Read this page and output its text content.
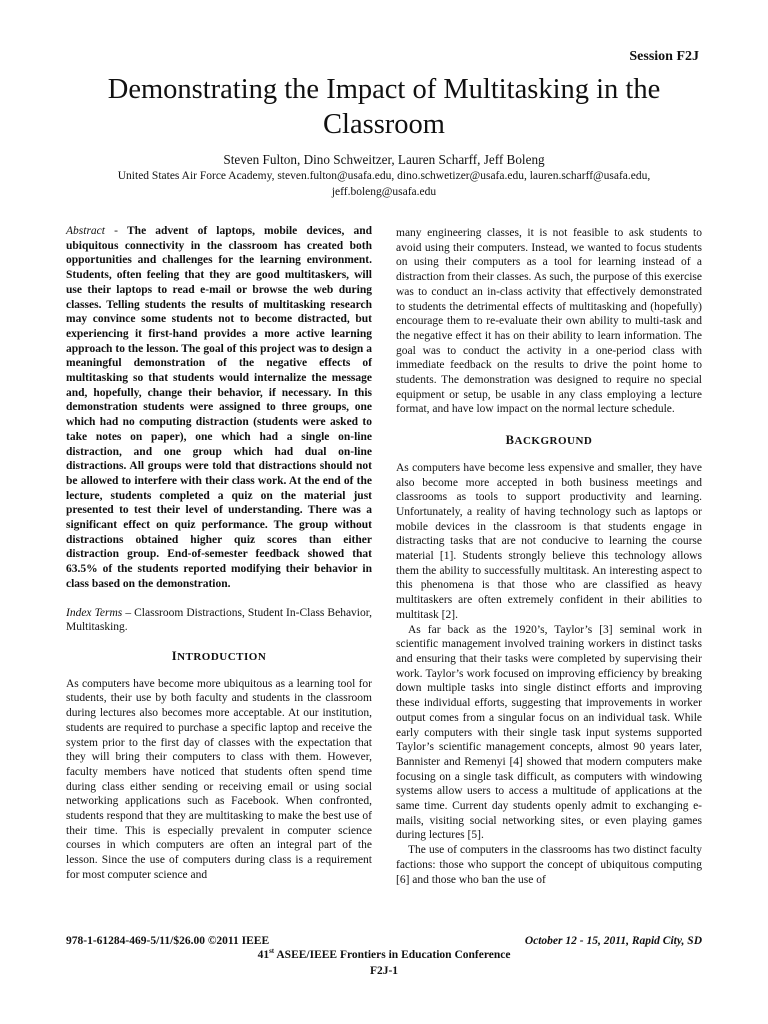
Session F2J
Demonstrating the Impact of Multitasking in the
Classroom
Steven Fulton, Dino Schweitzer, Lauren Scharff, Jeff Boleng
United States Air Force Academy, steven.fulton@usafa.edu, dino.schwetizer@usafa.edu, lauren.scharff@usafa.edu,
jeff.boleng@usafa.edu

Abstract - The advent of laptops, mobile devices, and ubiquitous connectivity in the classroom has created both opportunities and challenges for the learning environment. Students, often feeling that they are good multitaskers, will use their laptops to read e-mail or browse the web during classes. Telling students the results of multitasking research may convince some students not to become distracted, but experiencing it first-hand provides a more active learning approach to the lesson. The goal of this project was to design a meaningful demonstration of the negative effects of multitasking so that students would internalize the message and, hopefully, change their behavior, if necessary. In this demonstration students were assigned to three groups, one which had no computing distraction (students were asked to take notes on paper), one which had a single on-line distraction, and one group which had dual on-line distractions. All groups were told that distractions should not be allowed to interfere with their class work. At the end of the lecture, students completed a quiz on the material just presented to test their level of understanding. There was a significant effect on quiz performance. The group without distractions obtained higher quiz scores than either distraction group. End-of-semester feedback showed that 63.5% of the students reported modifying their behavior in class based on the demonstration.

Index Terms – Classroom Distractions, Student In-Class Behavior, Multitasking.

INTRODUCTION

As computers have become more ubiquitous as a learning tool for students, their use by both faculty and students in the classroom during lectures also becomes more acceptable. At our institution, students are required to purchase a specific laptop and receive the system prior to the first day of classes with the expectation that they will bring their computers to class with them. However, faculty members have noticed that students often spend time during class either sending or receiving email or using social networking applications such as Facebook. When confronted, students respond that they are multitasking to make the best use of their time. This is especially prevalent in computer science courses in which computers are often an integral part of the lesson. Since the use of computers during class is a requirement for most computer science and

many engineering classes, it is not feasible to ask students to avoid using their computers. Instead, we wanted to focus students on using their computers as a tool for learning instead of a distraction from their classes. As such, the purpose of this exercise was to conduct an in-class activity that effectively demonstrated to students the detrimental effects of multitasking and (hopefully) encourage them to re-evaluate their own ability to multi-task and the negative effect it has on their ability to learn information. The goal was to conduct the activity in a one-period class with immediate feedback on the results to drive the point home to students. The demonstration was designed to require no special equipment or setup, be usable in any class employing a lecture format, and have low impact on the normal lecture schedule.

BACKGROUND

As computers have become less expensive and smaller, they have also become more accepted in both business meetings and classrooms as tools to support productivity and learning. Unfortunately, a reality of having technology such as laptops or mobile devices in the classroom is that students engage in distracting tasks that are not conducive to learning the course material [1]. Students strongly believe this technology allows them the ability to successfully multitask. An interesting aspect to this phenomena is that those who are classified as heavy multitaskers are often extremely confident in their abilities to multitask [2].

As far back as the 1920’s, Taylor’s [3] seminal work in scientific management involved training workers in distinct tasks and ensuring that their tasks were completed by supervising their work. Taylor’s work focused on improving efficiency by breaking down multiple tasks into single distinct efforts and improving these individual efforts, suggesting that improvements in worker output comes from a singular focus on an individual task. While early computers with their single task input systems supported Taylor’s scientific management concepts, almost 90 years later, Bannister and Remenyi [4] showed that modern computers make focusing on a single task difficult, as computers with windowing systems allow users to access a multitude of applications at the same time. Current day students openly admit to exchanging e-mails, visiting social networking sites, or even playing games during lectures [5].

The use of computers in the classrooms has two distinct faculty factions: those who support the concept of ubiquitous computing [6] and those who ban the use of

978-1-61284-469-5/11/$26.00 ©2011 IEEE	October 12 - 15, 2011, Rapid City, SD
41st ASEE/IEEE Frontiers in Education Conference
F2J-1
